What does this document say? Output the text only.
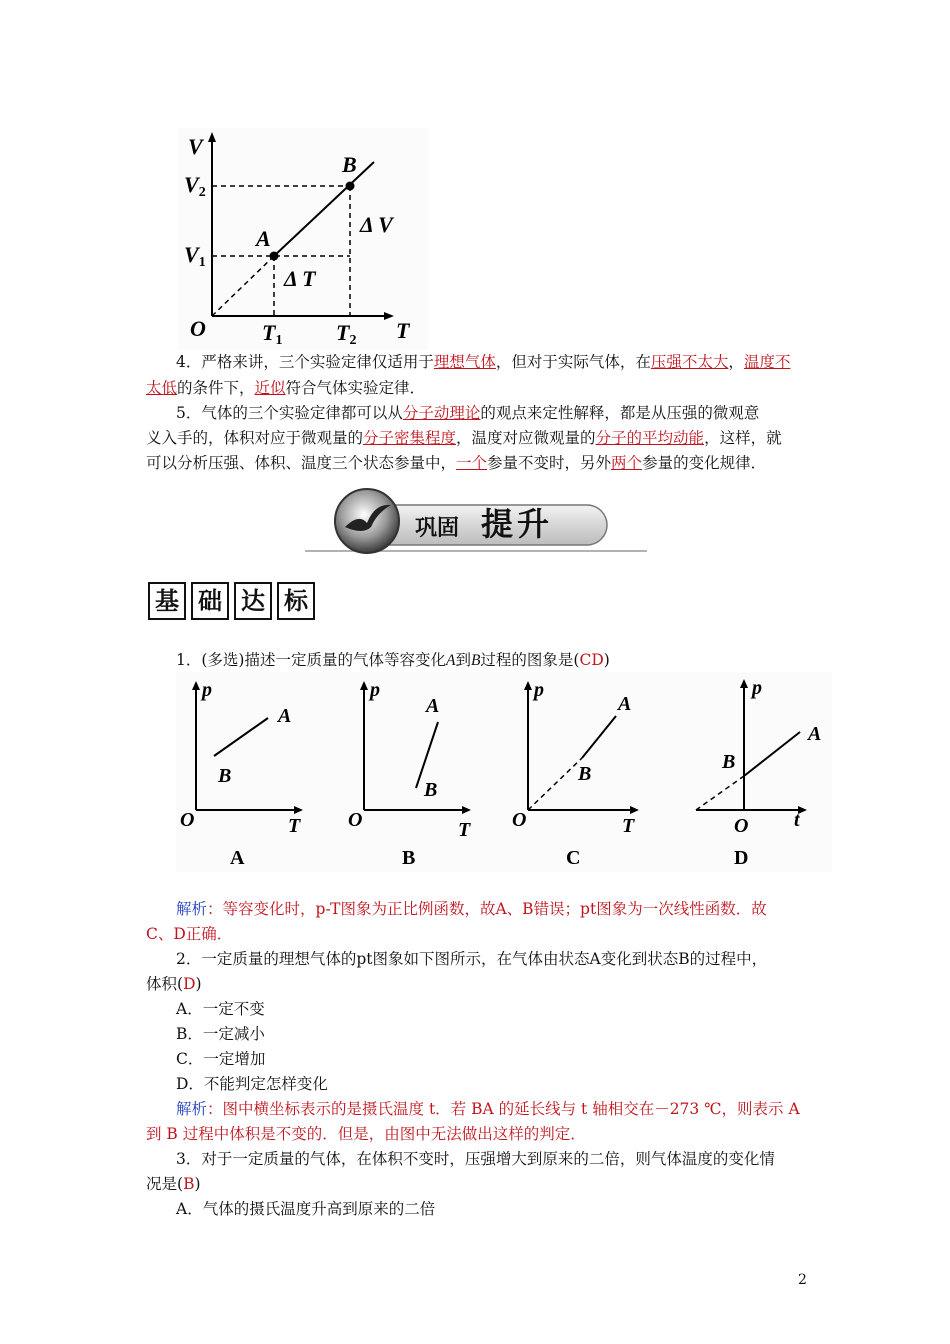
V
T
O
V2
V1
T1 T2
A
B
Δ V
Δ T
4．严格来讲，三个实验定律仅适用于理想气体，但对于实际气体，在压强不太大，温度不
太低的条件下，近似符合气体实验定律．
5．气体的三个实验定律都可以从分子动理论的观点来定性解释，都是从压强的微观意
义入手的，体积对应于微观量的分子密集程度，温度对应微观量的分子的平均动能，这样，就
可以分析压强、体积、温度三个状态参量中，一个参量不变时，另外两个参量的变化规律．
巩固 提升
基 础 达 标
1．(多选)描述一定质量的气体等容变化A到B过程的图象是(CD)
p
T
O
A
B
A
p
T
O
A
B
B
p
T
O
A
B
C
p
t
O
A
B
D
解析：等容变化时，p-T图象为正比例函数，故A、B错误；pt图象为一次线性函数．故
C、D正确．
2．一定质量的理想气体的pt图象如下图所示，在气体由状态A变化到状态B的过程中，
体积(D)
A．一定不变
B．一定减小
C．一定增加
D．不能判定怎样变化
解析：图中横坐标表示的是摄氏温度 t．若 BA 的延长线与 t 轴相交在－273 ℃，则表示 A
到 B 过程中体积是不变的．但是，由图中无法做出这样的判定．
3．对于一定质量的气体，在体积不变时，压强增大到原来的二倍，则气体温度的变化情
况是(B)
A．气体的摄氏温度升高到原来的二倍
2
